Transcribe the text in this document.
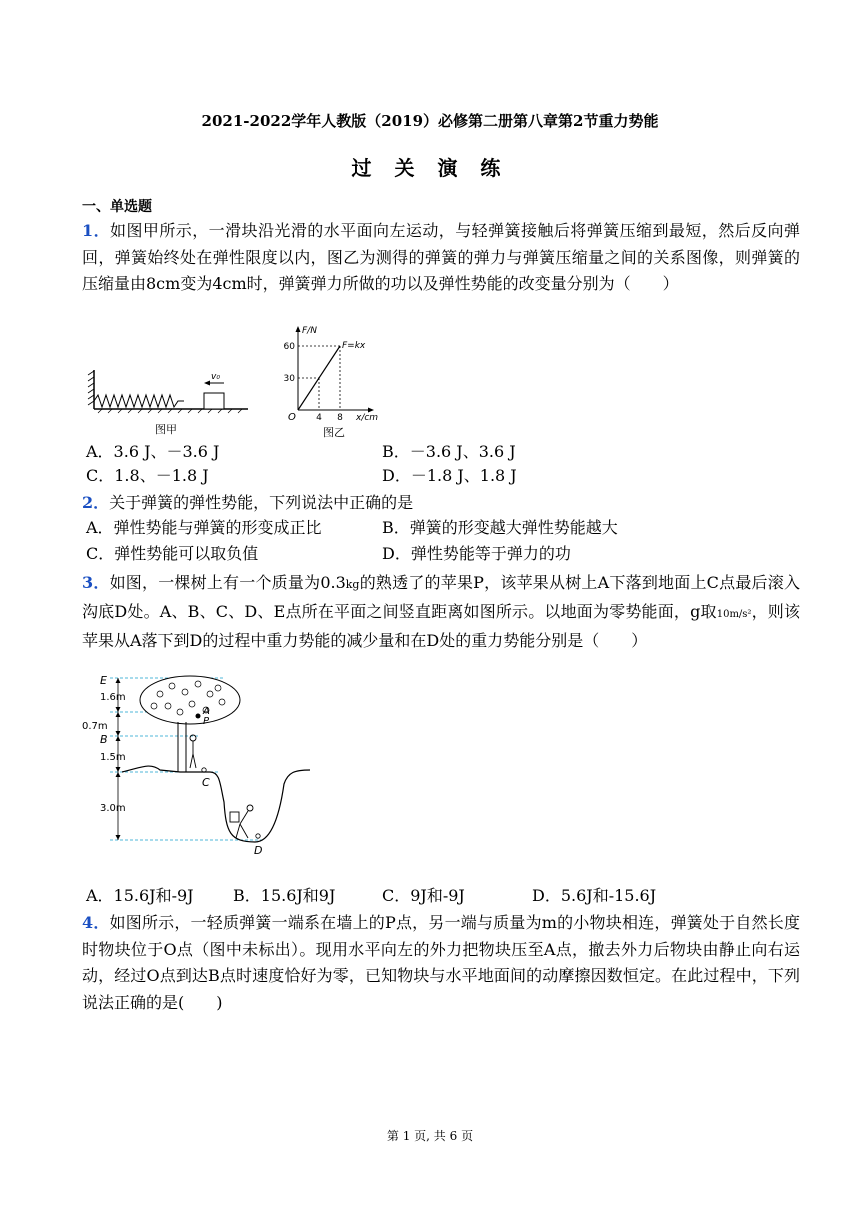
2021-2022学年人教版（2019）必修第二册第八章第2节重力势能
过 关 演 练
一、单选题
1．如图甲所示，一滑块沿光滑的水平面向左运动，与轻弹簧接触后将弹簧压缩到最短，然后反向弹回，弹簧始终处在弹性限度以内，图乙为测得的弹簧的弹力与弹簧压缩量之间的关系图像，则弹簧的压缩量由8cm变为4cm时，弹簧弹力所做的功以及弹性势能的改变量分别为（　　）
v₀
图甲
F/N
x/cm
O
60
30
4 8
F=kx
图乙
A．3.6 J、－3.6 J	B．－3.6 J、3.6 J
C．1.8、－1.8 J	D．－1.8 J、1.8 J
2．关于弹簧的弹性势能，下列说法中正确的是
A．弹性势能与弹簧的形变成正比	B．弹簧的形变越大弹性势能越大
C．弹性势能可以取负值	D．弹性势能等于弹力的功
3．如图，一棵树上有一个质量为0.3kg的熟透了的苹果P，该苹果从树上A下落到地面上C点最后滚入沟底D处。A、B、C、D、E点所在平面之间竖直距离如图所示。以地面为零势能面，g取10m/s²，则该苹果从A落下到D的过程中重力势能的减少量和在D处的重力势能分别是（　　）
E
1.6m
0.7m
B
1.5m
3.0m
A
P
C
D
A．15.6J和-9J B．15.6J和9J	C．9J和-9J	D．5.6J和-15.6J
4．如图所示，一轻质弹簧一端系在墙上的P点，另一端与质量为m的小物块相连，弹簧处于自然长度时物块位于O点（图中未标出）。现用水平向左的外力把物块压至A点，撤去外力后物块由静止向右运动，经过O点到达B点时速度恰好为零，已知物块与水平地面间的动摩擦因数恒定。在此过程中，下列说法正确的是(　　)
第 1 页, 共 6 页
